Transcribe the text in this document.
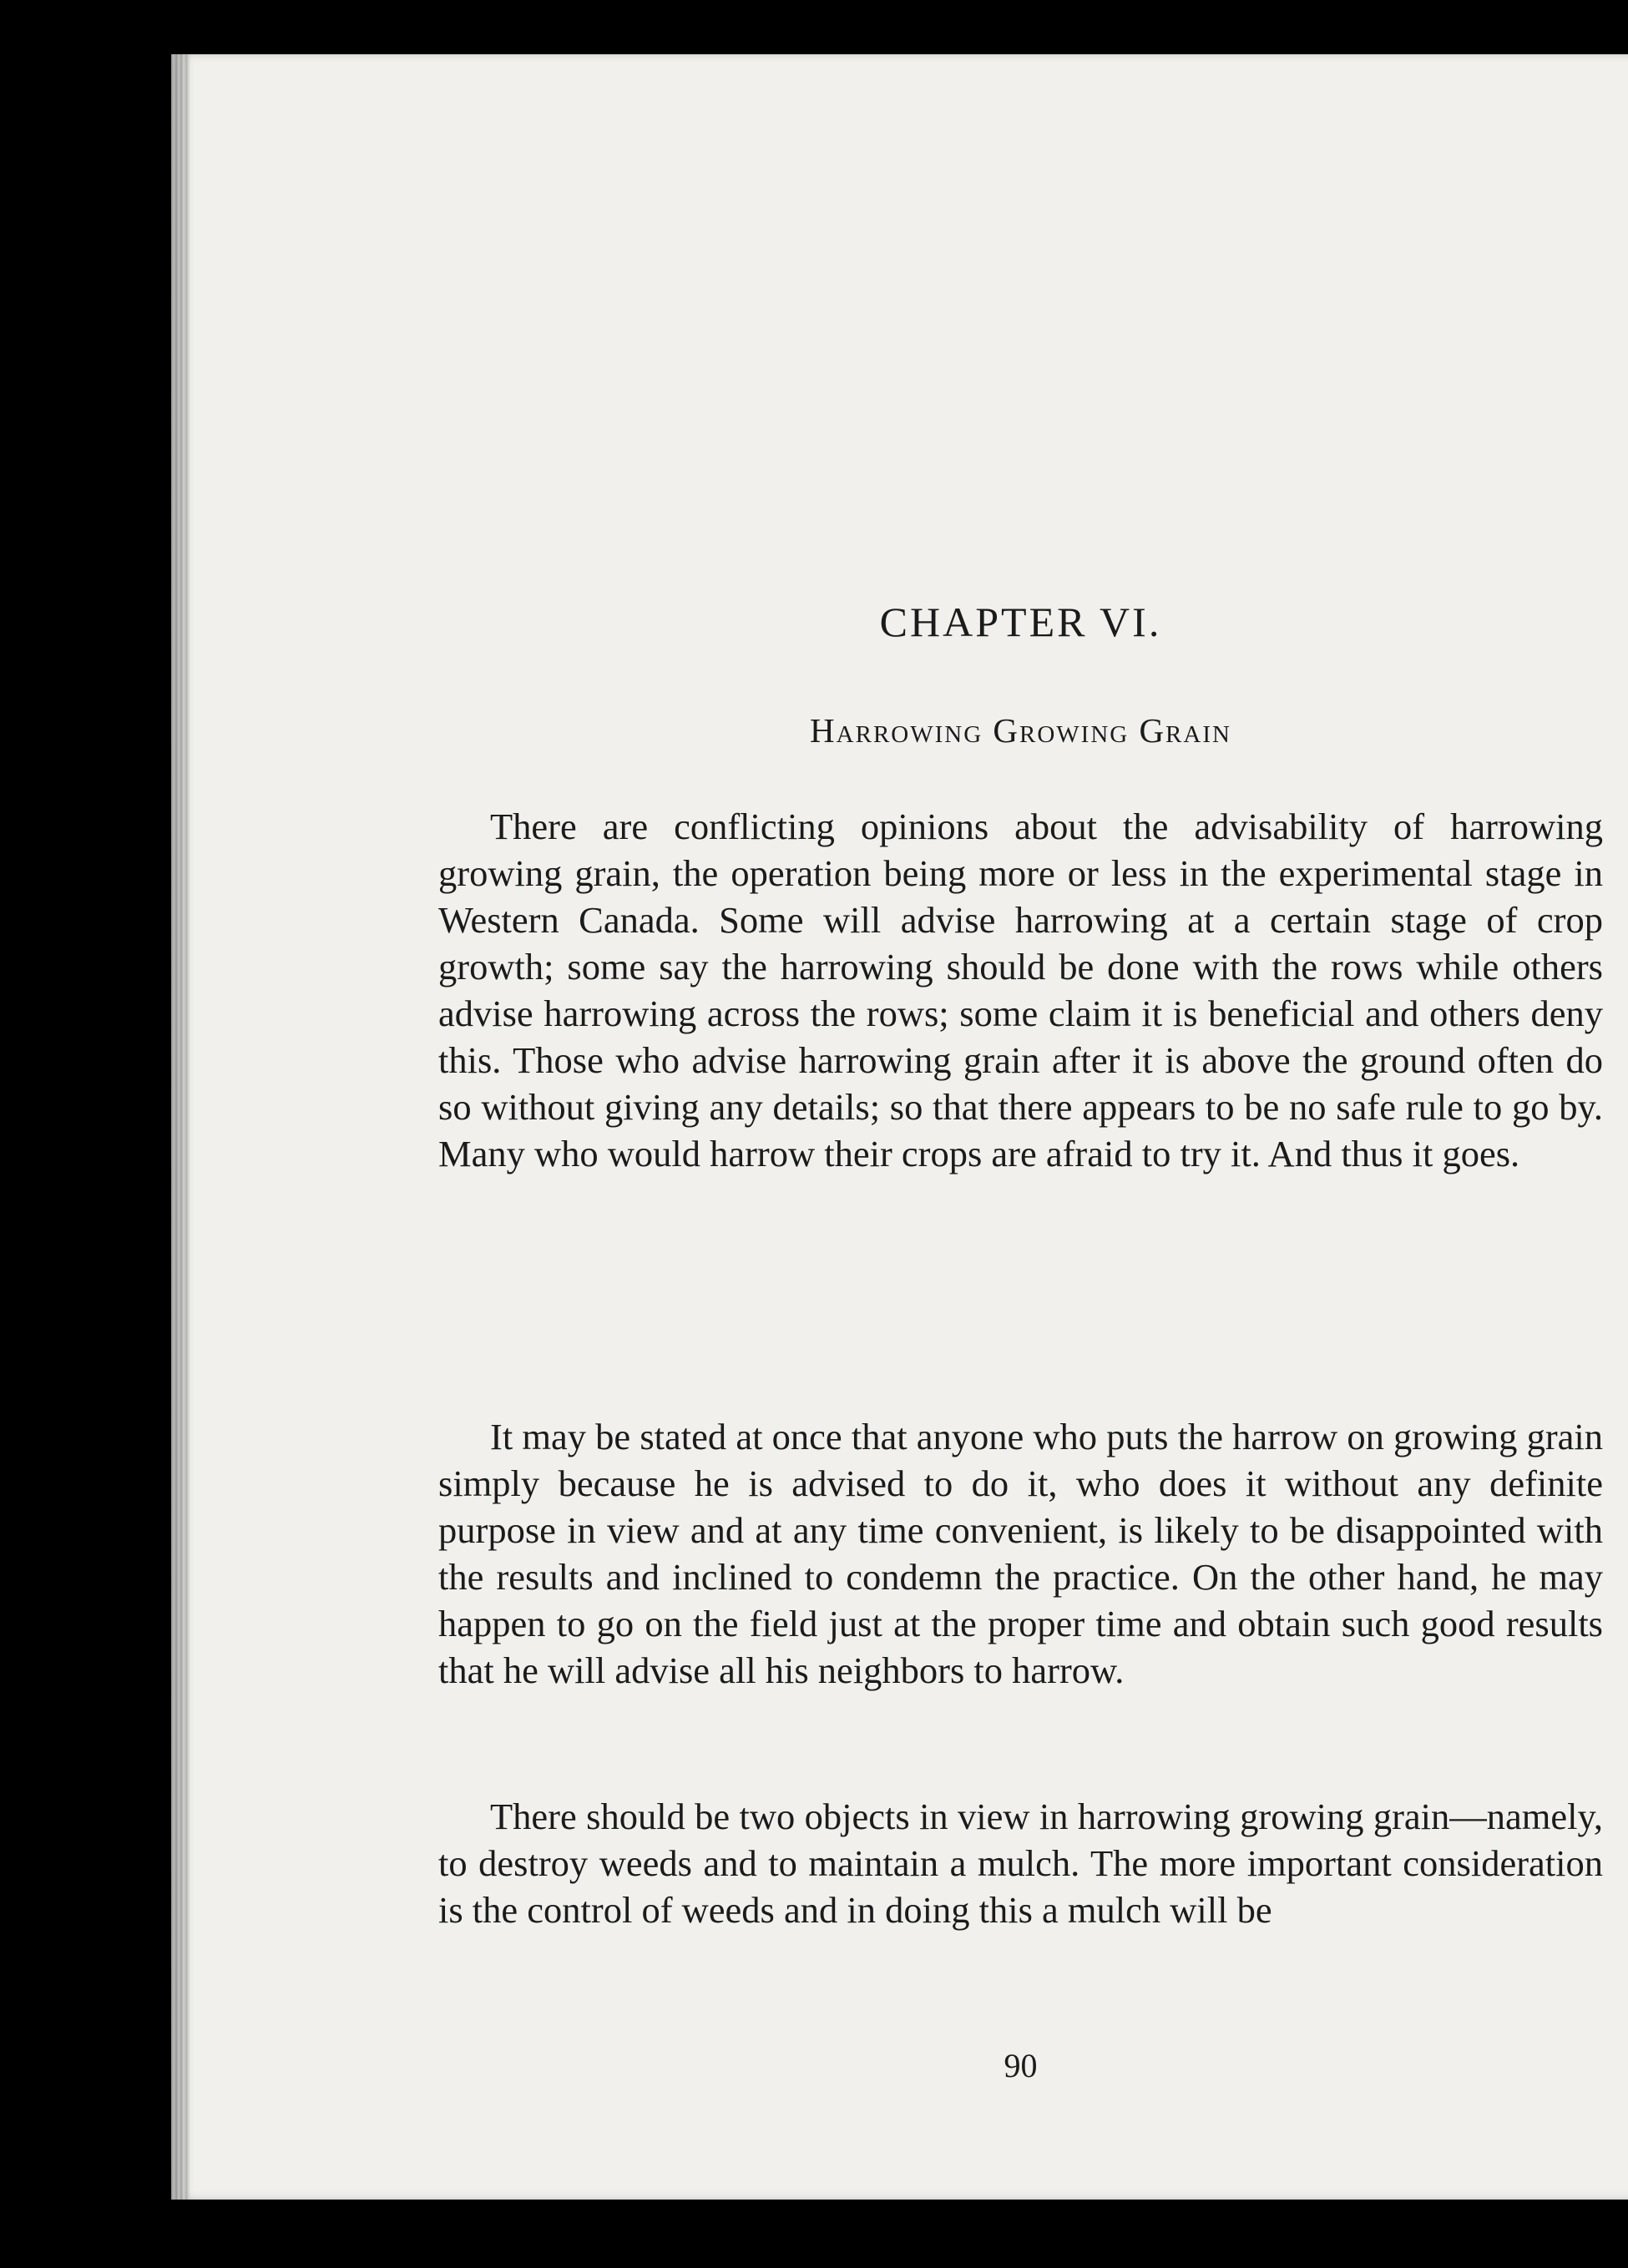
CHAPTER VI.
Harrowing Growing Grain

There are conflicting opinions about the advisability of harrowing growing grain, the operation being more or less in the experimental stage in Western Canada. Some will advise harrowing at a certain stage of crop growth; some say the harrowing should be done with the rows while others advise harrowing across the rows; some claim it is beneficial and others deny this. Those who advise harrowing grain after it is above the ground often do so without giving any details; so that there appears to be no safe rule to go by. Many who would harrow their crops are afraid to try it. And thus it goes.

It may be stated at once that anyone who puts the harrow on growing grain simply because he is advised to do it, who does it without any definite purpose in view and at any time convenient, is likely to be disappointed with the results and inclined to condemn the practice. On the other hand, he may happen to go on the field just at the proper time and obtain such good results that he will advise all his neighbors to harrow.

There should be two objects in view in harrowing growing grain—namely, to destroy weeds and to maintain a mulch. The more important consideration is the control of weeds and in doing this a mulch will be

90
